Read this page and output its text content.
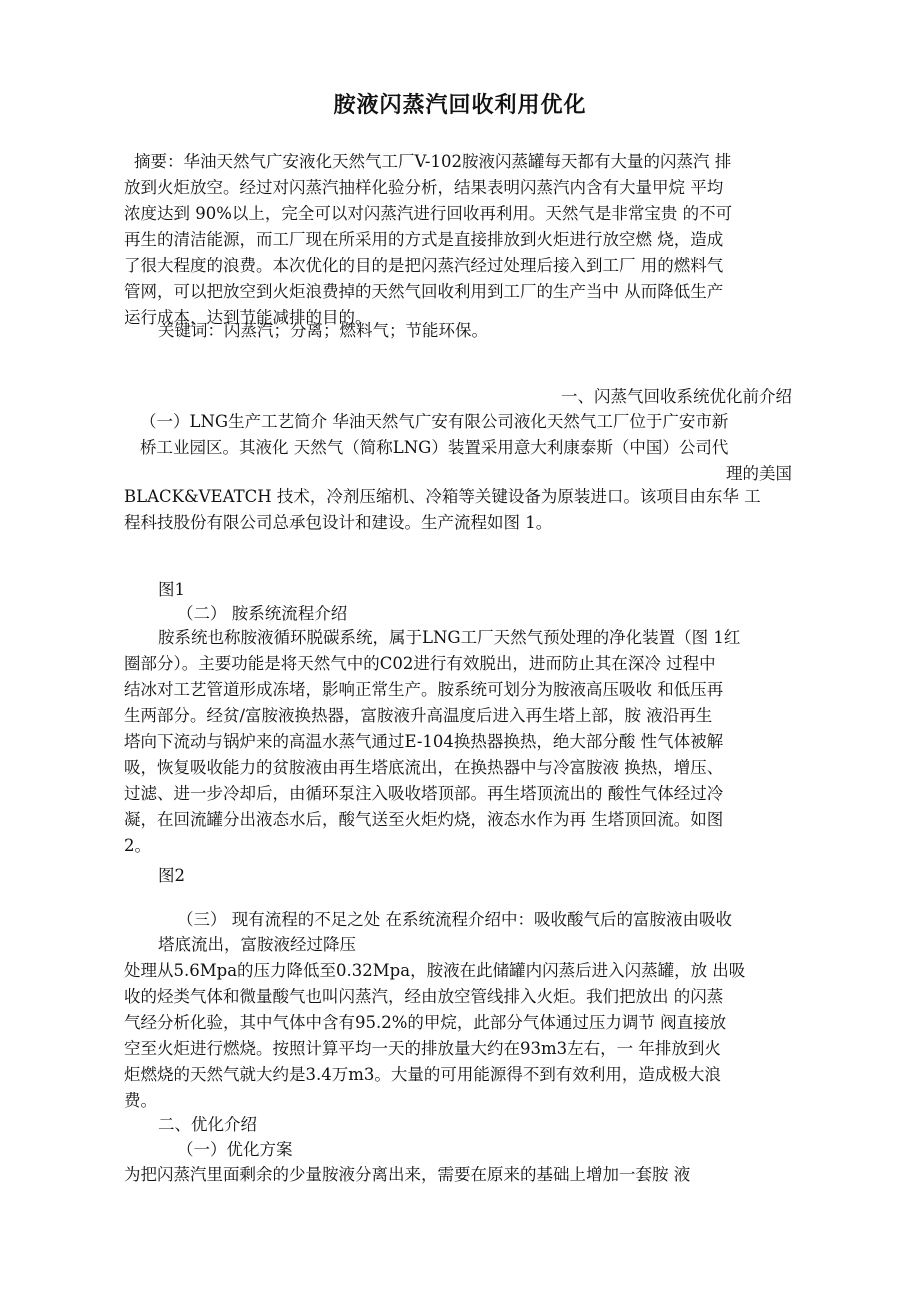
胺液闪蒸汽回收利用优化
摘要：华油天然气广安液化天然气工厂V-102胺液闪蒸罐每天都有大量的闪蒸汽 排
放到火炬放空。经过对闪蒸汽抽样化验分析，结果表明闪蒸汽内含有大量甲烷 平均
浓度达到 90%以上，完全可以对闪蒸汽进行回收再利用。天然气是非常宝贵 的不可
再生的清洁能源，而工厂现在所采用的方式是直接排放到火炬进行放空燃 烧，造成
了很大程度的浪费。本次优化的目的是把闪蒸汽经过处理后接入到工厂 用的燃料气
管网，可以把放空到火炬浪费掉的天然气回收利用到工厂的生产当中 从而降低生产
运行成本，达到节能减排的目的。
关键词：闪蒸汽；分离；燃料气；节能环保。
一、闪蒸气回收系统优化前介绍
（一）LNG生产工艺简介 华油天然气广安有限公司液化天然气工厂位于广安市新
桥工业园区。其液化 天然气（简称LNG）装置采用意大利康泰斯（中国）公司代
理的美国
BLACK&VEATCH 技术，冷剂压缩机、冷箱等关键设备为原装进口。该项目由东华 工
程科技股份有限公司总承包设计和建设。生产流程如图 1。
图1
（二） 胺系统流程介绍
胺系统也称胺液循环脱碳系统，属于LNG工厂天然气预处理的净化装置（图 1红
圈部分）。主要功能是将天然气中的C02进行有效脱出，进而防止其在深冷 过程中
结冰对工艺管道形成冻堵，影响正常生产。胺系统可划分为胺液高压吸收 和低压再
生两部分。经贫/富胺液换热器，富胺液升高温度后进入再生塔上部，胺 液沿再生
塔向下流动与锅炉来的高温水蒸气通过E-104换热器换热，绝大部分酸 性气体被解
吸，恢复吸收能力的贫胺液由再生塔底流出，在换热器中与冷富胺液 换热，增压、
过滤、进一步冷却后，由循环泵注入吸收塔顶部。再生塔顶流出的 酸性气体经过冷
凝，在回流罐分出液态水后，酸气送至火炬灼烧，液态水作为再 生塔顶回流。如图
2。
图2
（三） 现有流程的不足之处 在系统流程介绍中：吸收酸气后的富胺液由吸收
塔底流出，富胺液经过降压
处理从5.6Mpa的压力降低至0.32Mpa，胺液在此储罐内闪蒸后进入闪蒸罐，放 出吸
收的烃类气体和微量酸气也叫闪蒸汽，经由放空管线排入火炬。我们把放出 的闪蒸
气经分析化验，其中气体中含有95.2%的甲烷，此部分气体通过压力调节 阀直接放
空至火炬进行燃烧。按照计算平均一天的排放量大约在93m3左右，一 年排放到火
炬燃烧的天然气就大约是3.4万m3。大量的可用能源得不到有效利用，造成极大浪
费。
二、优化介绍
（一）优化方案
为把闪蒸汽里面剩余的少量胺液分离出来，需要在原来的基础上增加一套胺 液
